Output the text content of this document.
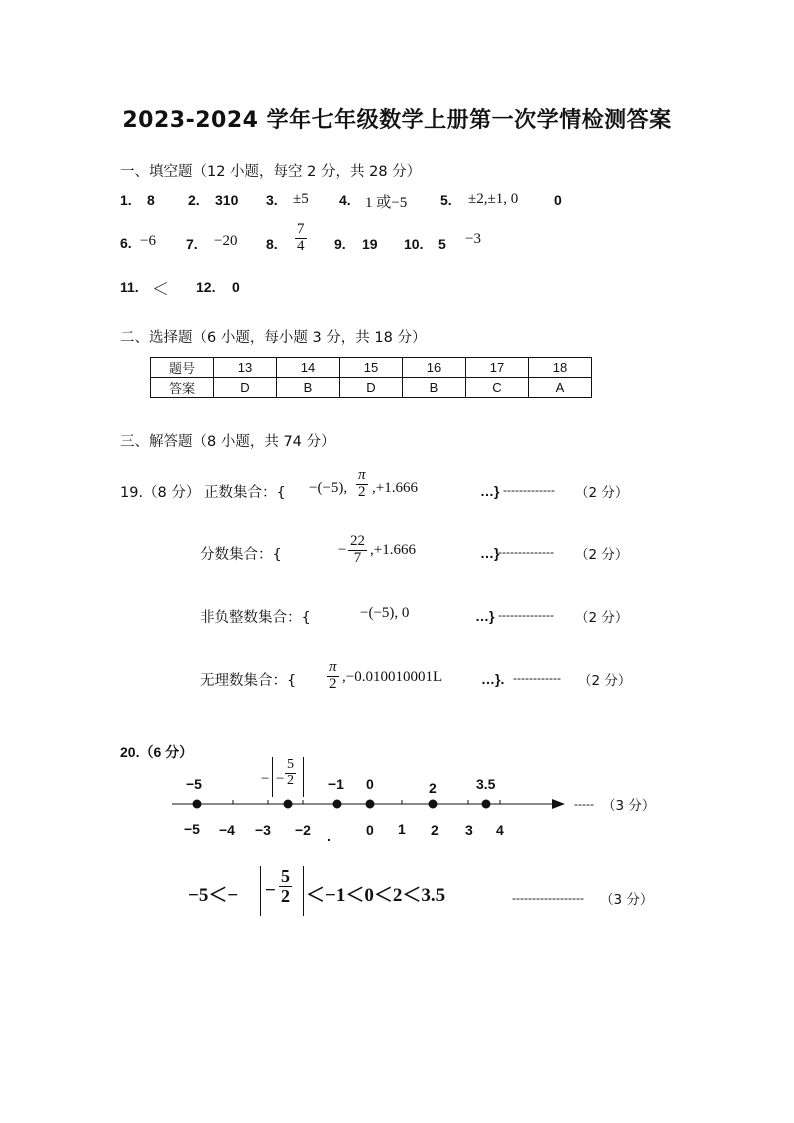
2023-2024 学年七年级数学上册第一次学情检测答案
一、填空题（12 小题，每空 2 分，共 28 分）
1. 8 2. 310 3. ±5 4. 1 或−5 5. ±2,±1, 0	0
6. −6 7. −20 8. $\frac{7}{4} 9$. 19 10. 5 −3
11. ＜ 12. 0
二、选择题（6 小题，每小题 3 分，共 18 分）
题号	13	14	15	16	17	18
答案	D	B	D	B	C	A
三、解答题（8 小题，共 74 分）
19.（8 分） 正数集合：{ −(−5), $\frac{\pi}{2} ,+1.666$	…} ------------- （2 分）
分数集合：{	− $\frac{22}{7} ,+1.666$	…}
-------------- （2 分）
非负整数集合：{	−(−5), 0	…} -------------- （2 分）
无理数集合：{ $\frac{\pi}{2} ,-0.010010001L$	…}. ------------ （2 分）
20.（6 分）
−5	− − $\frac{5}{2} -1$ 0	2	3.5
----- （3 分）
−5 −4 −3 −2 .	0 1 2 3 4
$-5<- - \frac{5}{2} <-1<0<2<3.5$	------------------ （3 分）
